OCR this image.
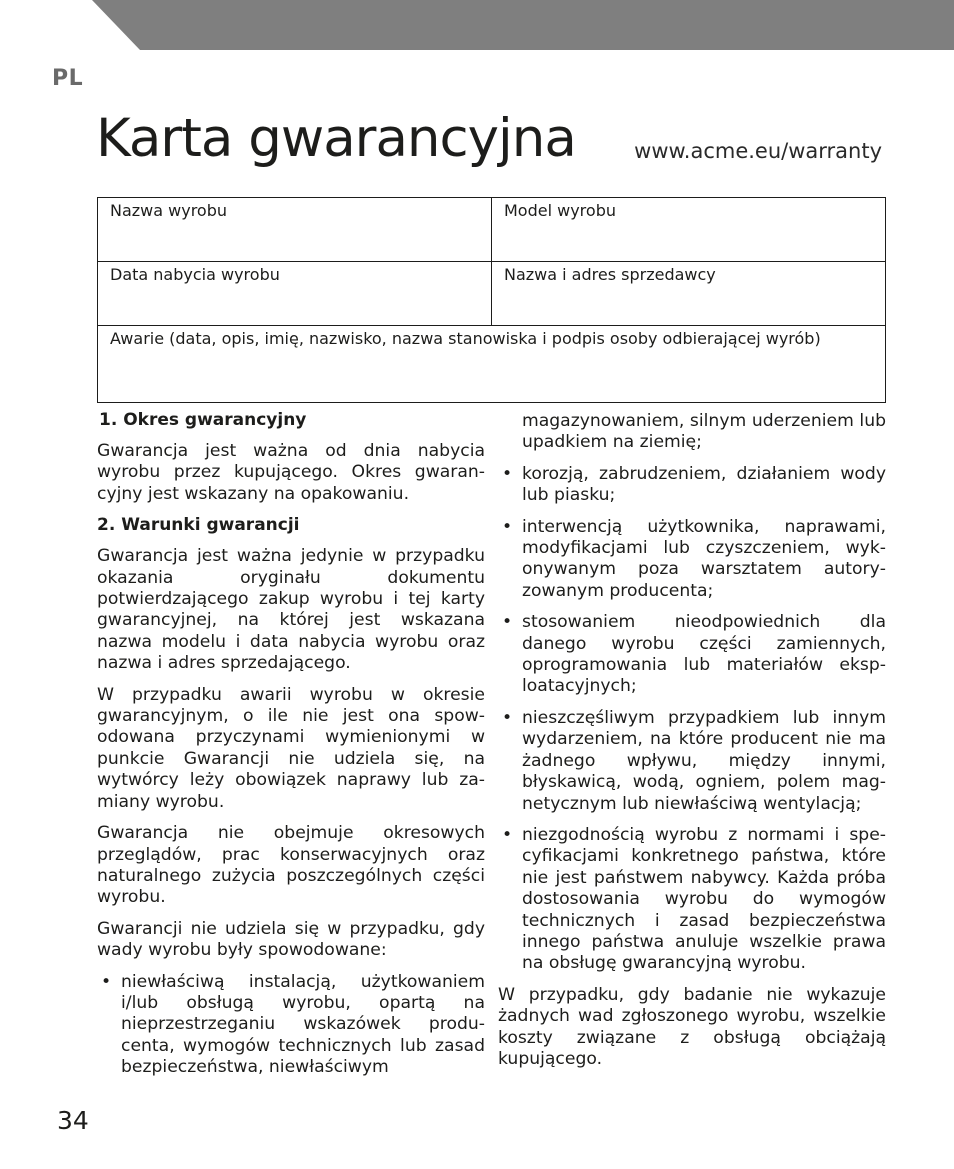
PL
Karta gwarancyjna	www.acme.eu/warranty
Nazwa wyrobu	Model wyrobu
Data nabycia wyrobu	Nazwa i adres sprzedawcy
Awarie (data, opis, imię, nazwisko, nazwa stanowiska i podpis osoby odbierającej wyrób)	
1. Okres gwarancyjny

Gwarancja jest ważna od dnia nabycia wyrobu przez kupującego. Okres gwarancyjny jest wskazany na opakowaniu.

2. Warunki gwarancji

Gwarancja jest ważna jedynie w przypadku okazania oryginału dokumentu potwierdzającego zakup wyrobu i tej karty gwarancyjnej, na której jest wskazana nazwa modelu i data nabycia wyrobu oraz nazwa i adres sprzedającego.

W przypadku awarii wyrobu w okresie gwarancyjnym, o ile nie jest ona spowodowana przyczynami wymienionymi w punkcie Gwarancji nie udziela się, na wytwórcy leży obowiązek naprawy lub zamiany wyrobu.

Gwarancja nie obejmuje okresowych przeglądów, prac konserwacyjnych oraz naturalnego zużycia poszczególnych części wyrobu.

Gwarancji nie udziela się w przypadku, gdy wady wyrobu były spowodowane:

• niewłaściwą instalacją, użytkowaniem i/lub obsługą wyrobu, opartą na nieprzestrzeganiu wskazówek producenta, wymogów technicznych lub zasad bezpieczeństwa, niewłaściwym
magazynowaniem, silnym uderzeniem lub upadkiem na ziemię;
• korozją, zabrudzeniem, działaniem wody lub piasku;
• interwencją użytkownika, naprawami, modyfikacjami lub czyszczeniem, wykonywanym poza warsztatem autoryzowanym producenta;
• stosowaniem nieodpowiednich dla danego wyrobu części zamiennych, oprogramowania lub materiałów eksploatacyjnych;
• nieszczęśliwym przypadkiem lub innym wydarzeniem, na które producent nie ma żadnego wpływu, między innymi, błyskawicą, wodą, ogniem, polem magnetycznym lub niewłaściwą wentylacją;
• niezgodnością wyrobu z normami i specyfikacjami konkretnego państwa, które nie jest państwem nabywcy. Każda próba dostosowania wyrobu do wymogów technicznych i zasad bezpieczeństwa innego państwa anuluje wszelkie prawa na obsługę gwarancyjną wyrobu.

W przypadku, gdy badanie nie wykazuje żadnych wad zgłoszonego wyrobu, wszelkie koszty związane z obsługą obciążają kupującego.

34
